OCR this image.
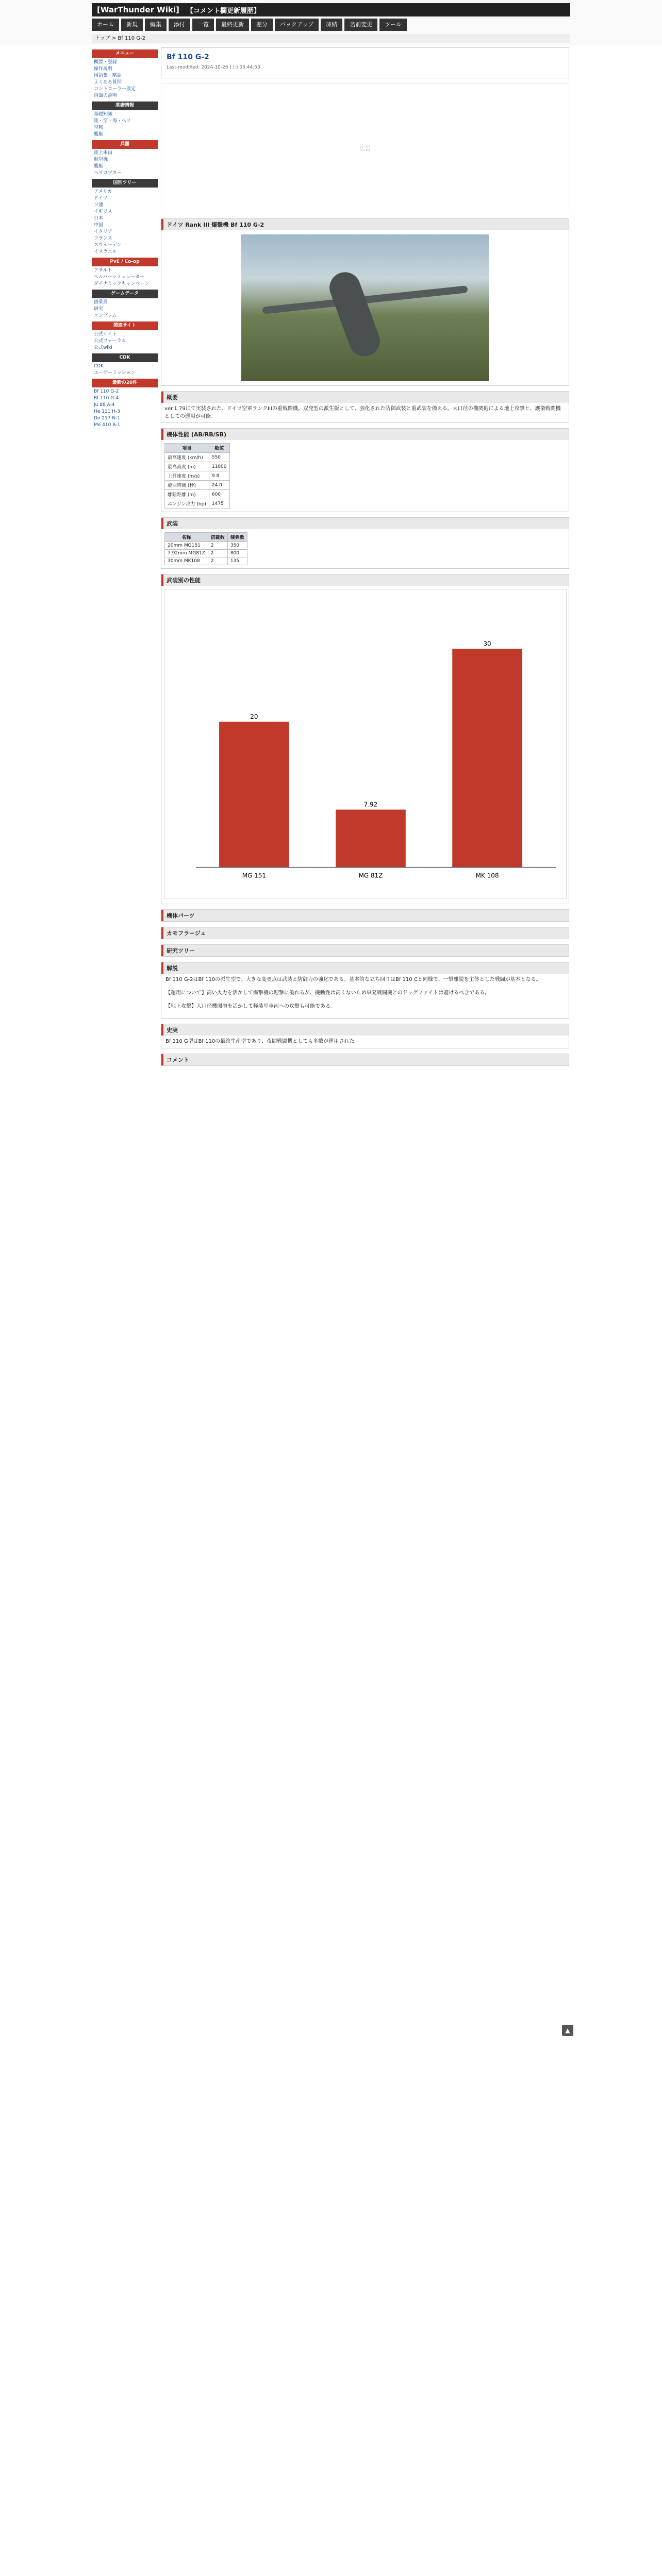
[WarThunder Wiki] 【コメント欄更新履歴】
ホーム	新規	編集	添付	一覧	最終更新	差分	バックアップ	凍結	名前変更	ツール
トップ > Bf 110 G-2
メニュー
概要・登録
操作説明
用語集・略語
よくある質問
コントローラー設定
画面の説明
基礎情報
基礎知識
陸・空・海・ヘリ
空戦
艦艇
兵器
陸上車両
航空機
艦艇
ヘリコプター
国別ツリー
アメリカ
ドイツ
ソ連
イギリス
日本
中国
イタリア
フランス
スウェーデン
イスラエル
PvE / Co-op
アサルト
ヘルパーシミュレーター
ダイナミックキャンペーン
ゲームデータ
搭乗員
研究
エンブレム
関連サイト
公式サイト
公式フォーラム
公式wiki
CDK
CDK
ユーザーミッション
最新の20件
Bf 110 G-2
Bf 110 G-4
Ju 88 A-4
He 111 H-3
Do 217 N-1
Me 410 A-1
Bf 110 G-2
Last-modified: 2024-10-26 (土) 03:44:53
広告
ドイツ Rank III 爆撃機 Bf 110 G-2
概要
ver.1.79にて実装された、ドイツ空軍ランクIIIの重戦闘機。双発型の派生版として、強化された防御武装と重武装を備える。大口径の機関砲による地上攻撃と、護衛戦闘機としての運用が可能。
機体性能 (AB/RB/SB)
項目	数値
最高速度 (km/h)	550
最高高度 (m)	11000
上昇速度 (m/s)	9.8
旋回時間 (秒)	24.0
離陸距離 (m)	600
エンジン出力 (hp)	1475
武装
名称	搭載数	装弾数
20mm MG151	2	350
7.92mm MG81Z	2	800
30mm MK108	2	135
武装別の性能
MG 151
20
MG 81Z
7.92
MK 108
30
機体パーツ
カモフラージュ
研究ツリー
解説

Bf 110 G-2はBf 110の派生型で、大きな変更点は武装と防御力の強化である。基本的な立ち回りはBf 110 Cと同様で、一撃離脱を主体とした戦闘が基本となる。

【運用について】高い火力を活かして爆撃機の迎撃に優れるが、機動性は高くないため単発戦闘機とのドッグファイトは避けるべきである。

【地上攻撃】大口径機関砲を活かして軽装甲車両への攻撃も可能である。

史実
Bf 110 G型はBf 110の最終生産型であり、夜間戦闘機としても多数が運用された。
コメント
▲
